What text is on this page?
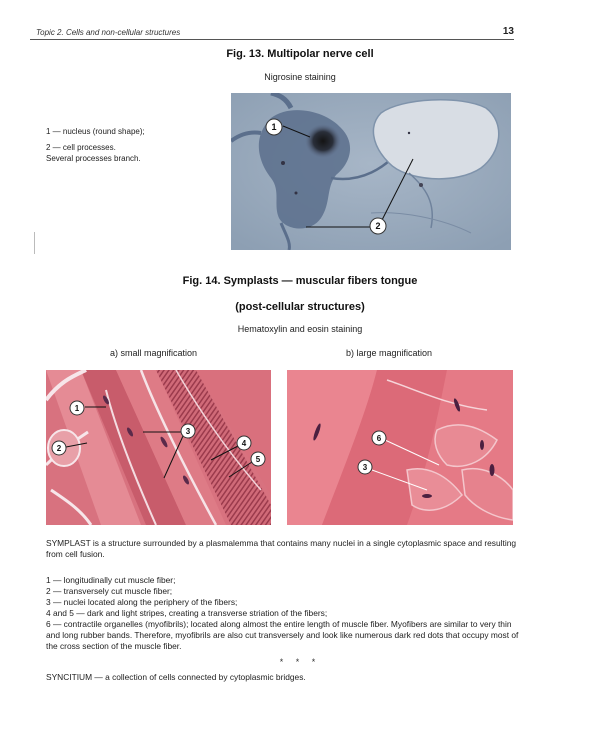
Topic 2. Cells and non-cellular structures	13
Fig. 13. Multipolar nerve cell
Nigrosine staining
1 — nucleus (round shape);
2 — cell processes.
Several processes branch.
1
2
Fig. 14. Symplasts — muscular fibers tongue
(post-cellular structures)
Hematoxylin and eosin staining
a) small magnification	b) large magnification
1
2
3
4
5
6
3
SYMPLAST is a structure surrounded by a plasmalemma that contains many nuclei in a single cytoplasmic space and resulting from cell fusion.

1 — longitudinally cut muscle fiber;

2 — transversely cut muscle fiber;

3 — nuclei located along the periphery of the fibers;

4 and 5 — dark and light stripes, creating a transverse striation of the fibers;

6 — contractile organelles (myofibrils); located along almost the entire length of muscle fiber. Myofibers are similar to very thin and long rubber bands. Therefore, myofibrils are also cut transversely and look like numerous dark red dots that occupy most of the cross section of the muscle fiber.

* * *
SYNCITIUM — a collection of cells connected by cytoplasmic bridges.
